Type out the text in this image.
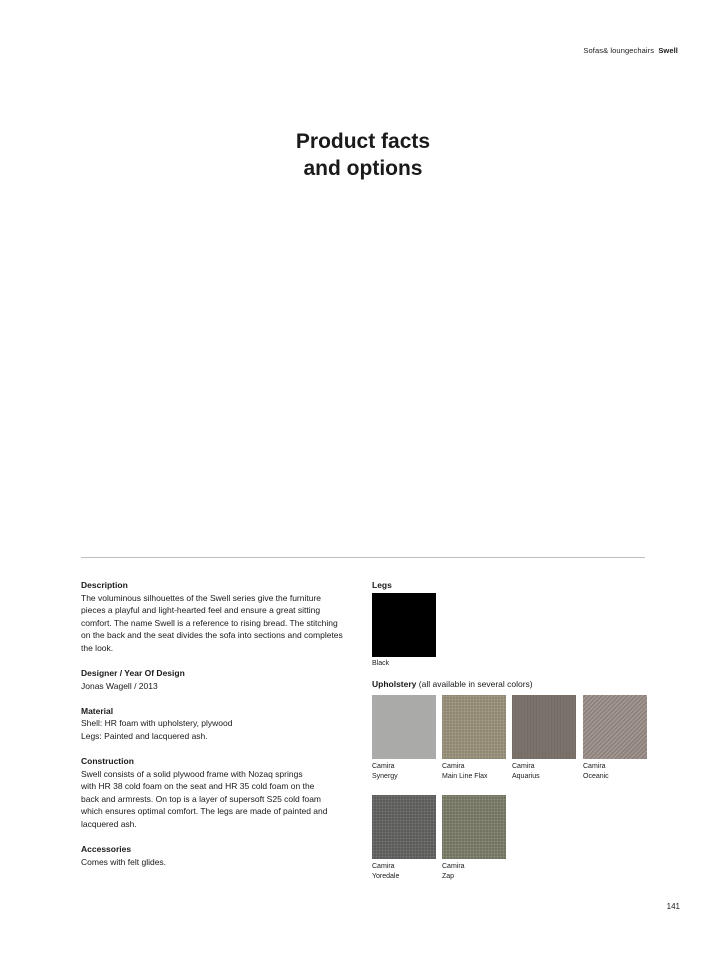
Sofas& loungechairs Swell
Product facts
and options
Description

The voluminous silhouettes of the Swell series give the furniture

pieces a playful and light-hearted feel and ensure a great sitting

comfort. The name Swell is a reference to rising bread. The stitching

on the back and the seat divides the sofa into sections and completes

the look.

Designer / Year Of Design

Jonas Wagell / 2013

Material

Shell: HR foam with upholstery, plywood

Legs: Painted and lacquered ash.

Construction

Swell consists of a solid plywood frame with Nozaq springs

with HR 38 cold foam on the seat and HR 35 cold foam on the

back and armrests. On top is a layer of supersoft S25 cold foam

which ensures optimal comfort. The legs are made of painted and

lacquered ash.

Accessories

Comes with felt glides.

Legs

Black

Upholstery (all available in several colors)

Camira
Synergy
Camira
Main Line Flax
Camira
Aquarius
Camira
Oceanic
Camira
Yoredale
Camira
Zap
141
